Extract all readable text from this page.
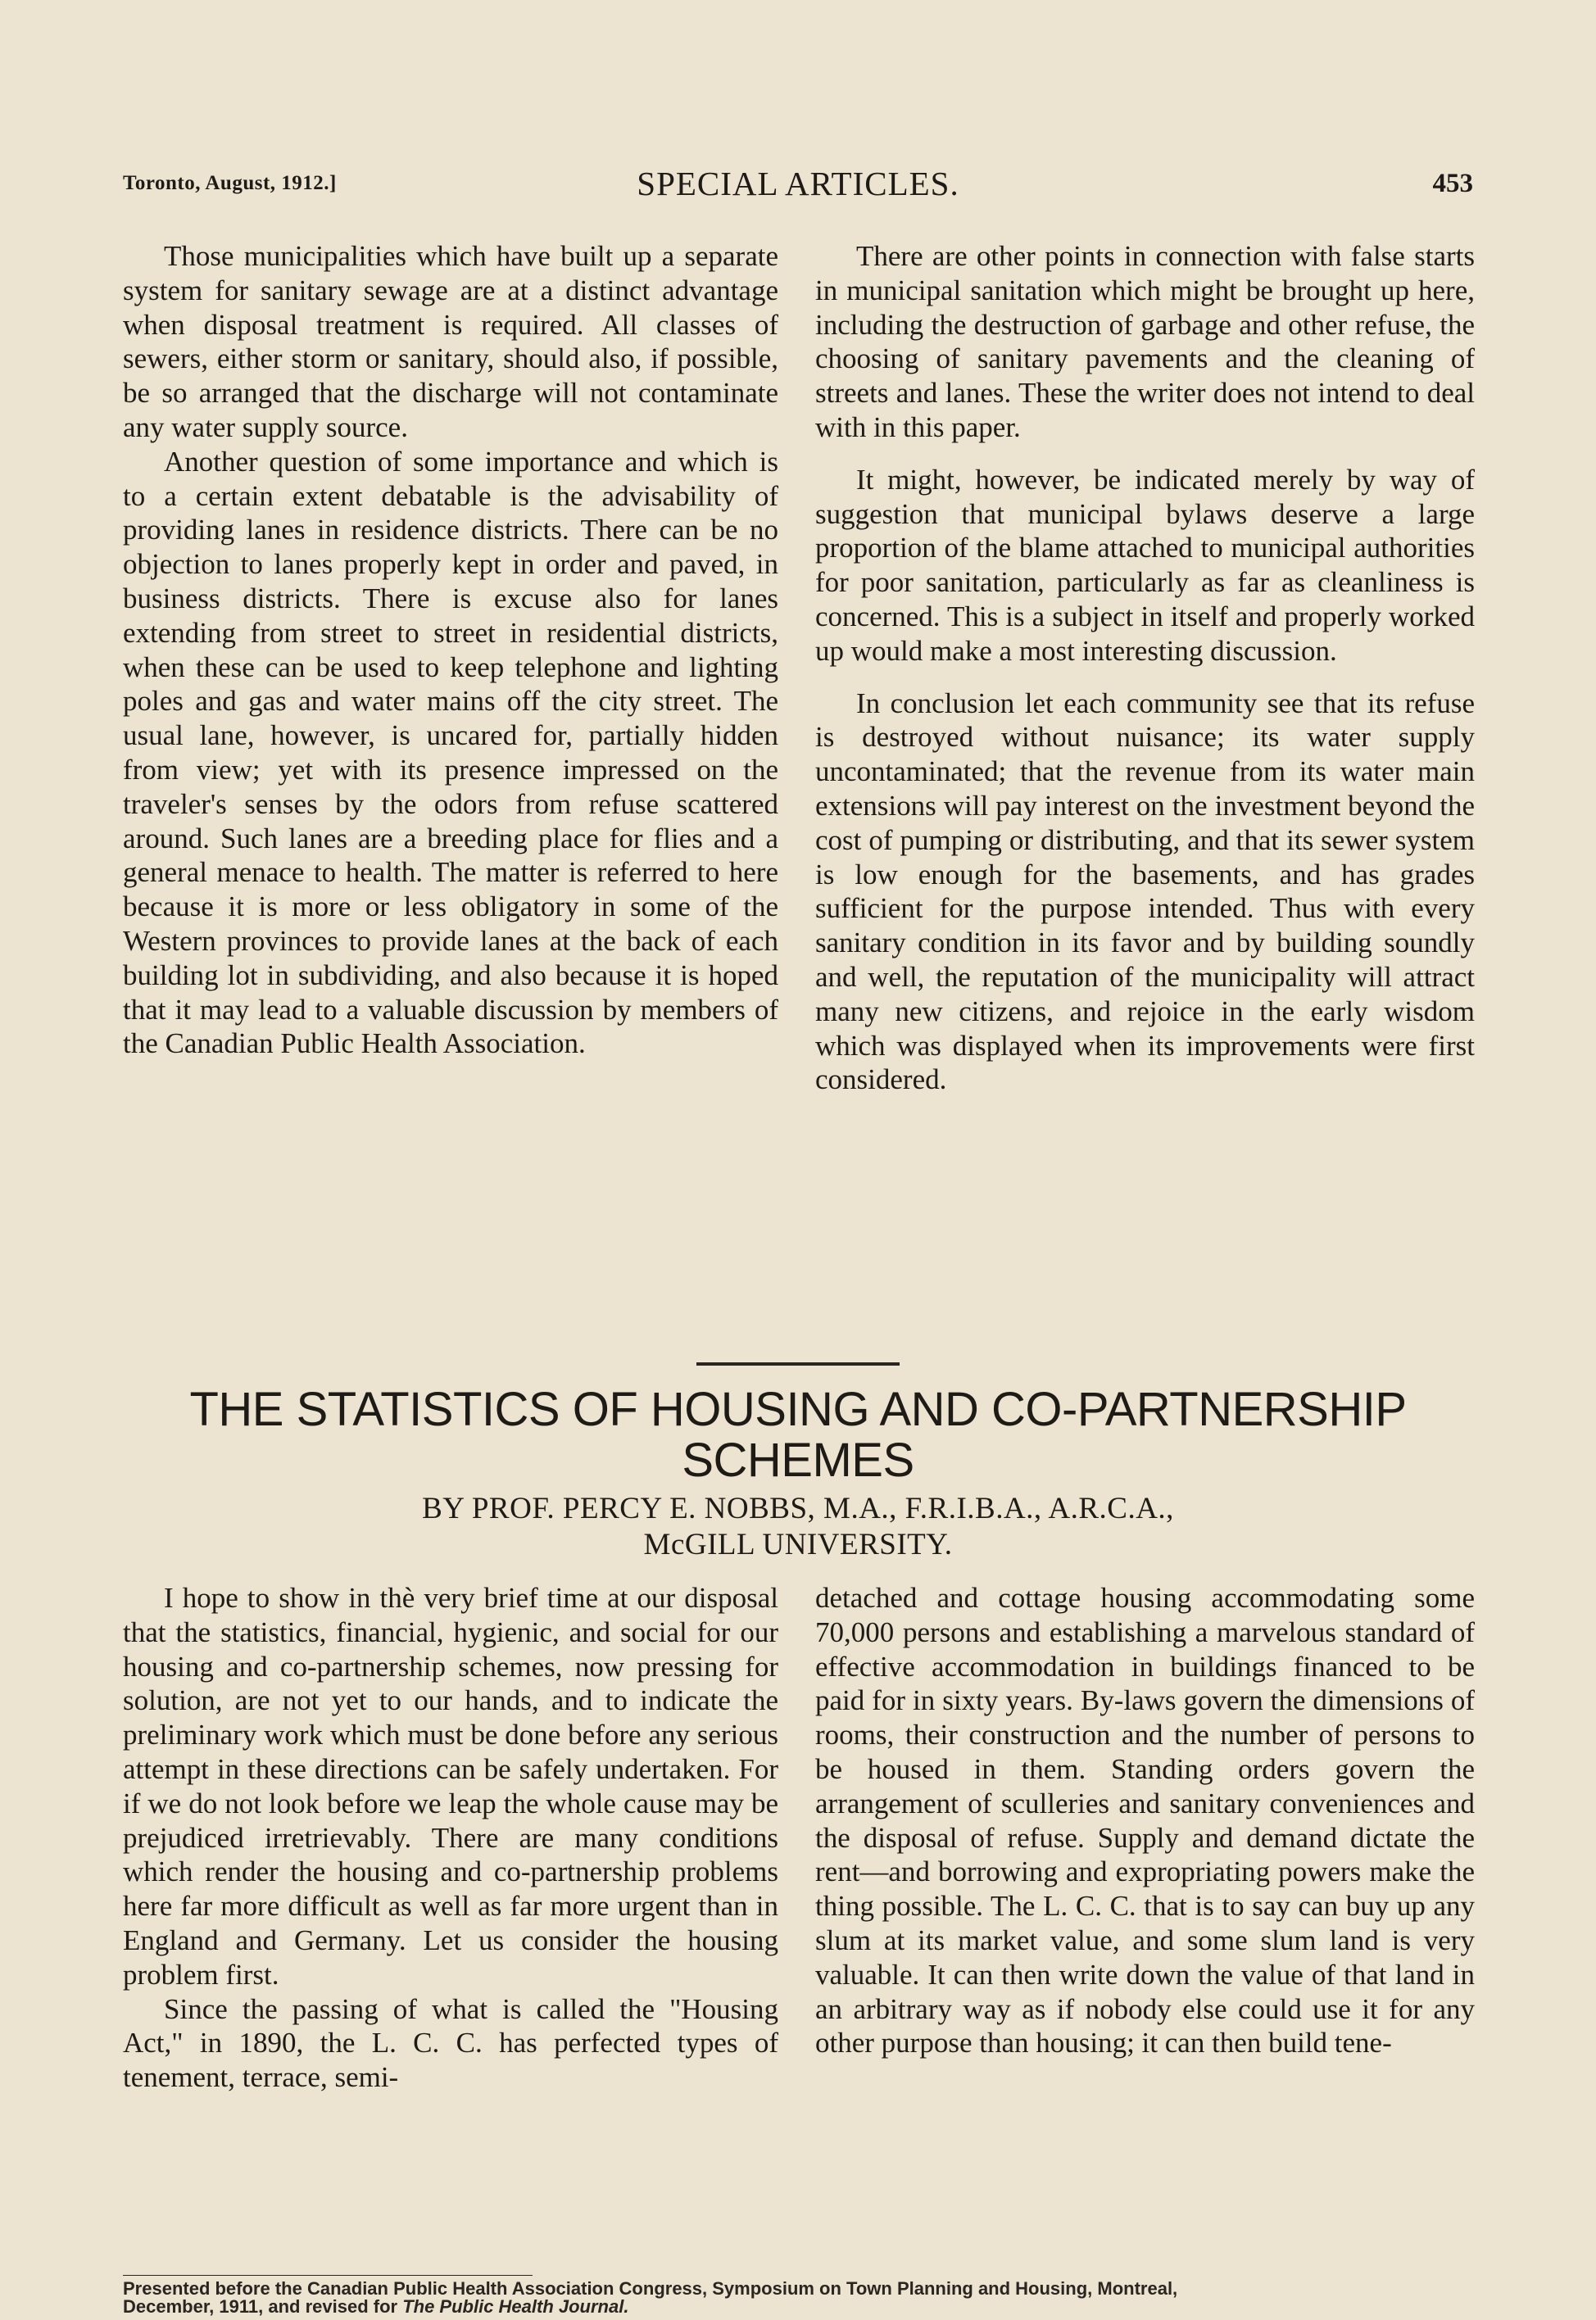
Toronto, August, 1912.]	SPECIAL ARTICLES.	453

Those municipalities which have built up a separate system for sanitary sewage are at a distinct advantage when disposal treatment is required. All classes of sewers, either storm or sanitary, should also, if possible, be so arranged that the discharge will not contaminate any water supply source.

Another question of some importance and which is to a certain extent debatable is the advisability of providing lanes in residence districts. There can be no objection to lanes properly kept in order and paved, in business districts. There is excuse also for lanes extending from street to street in residential districts, when these can be used to keep telephone and lighting poles and gas and water mains off the city street. The usual lane, however, is uncared for, partially hidden from view; yet with its presence impressed on the traveler's senses by the odors from refuse scattered around. Such lanes are a breeding place for flies and a general menace to health. The matter is referred to here because it is more or less obligatory in some of the Western provinces to provide lanes at the back of each building lot in subdividing, and also because it is hoped that it may lead to a valuable discussion by members of the Canadian Public Health Association.

There are other points in connection with false starts in municipal sanitation which might be brought up here, including the destruction of garbage and other refuse, the choosing of sanitary pavements and the cleaning of streets and lanes. These the writer does not intend to deal with in this paper.

It might, however, be indicated merely by way of suggestion that municipal bylaws deserve a large proportion of the blame attached to municipal authorities for poor sanitation, particularly as far as cleanliness is concerned. This is a subject in itself and properly worked up would make a most interesting discussion.

In conclusion let each community see that its refuse is destroyed without nuisance; its water supply uncontaminated; that the revenue from its water main extensions will pay interest on the investment beyond the cost of pumping or distributing, and that its sewer system is low enough for the basements, and has grades sufficient for the purpose intended. Thus with every sanitary condition in its favor and by building soundly and well, the reputation of the municipality will attract many new citizens, and rejoice in the early wisdom which was displayed when its improvements were first considered.

THE STATISTICS OF HOUSING AND CO-PARTNERSHIP
SCHEMES
BY PROF. PERCY E. NOBBS, M.A., F.R.I.B.A., A.R.C.A.,
McGILL UNIVERSITY.

I hope to show in thè very brief time at our disposal that the statistics, financial, hygienic, and social for our housing and co-partnership schemes, now pressing for solution, are not yet to our hands, and to indicate the preliminary work which must be done before any serious attempt in these directions can be safely undertaken. For if we do not look before we leap the whole cause may be prejudiced irretrievably. There are many conditions which render the housing and co-partnership problems here far more difficult as well as far more urgent than in England and Germany. Let us consider the housing problem first.

Since the passing of what is called the "Housing Act," in 1890, the L. C. C. has perfected types of tenement, terrace, semi-

detached and cottage housing accommodating some 70,000 persons and establishing a marvelous standard of effective accommodation in buildings financed to be paid for in sixty years. By-laws govern the dimensions of rooms, their construction and the number of persons to be housed in them. Standing orders govern the arrangement of sculleries and sanitary conveniences and the disposal of refuse. Supply and demand dictate the rent—and borrowing and expropriating powers make the thing possible. The L. C. C. that is to say can buy up any slum at its market value, and some slum land is very valuable. It can then write down the value of that land in an arbitrary way as if nobody else could use it for any other purpose than housing; it can then build tene-

Presented before the Canadian Public Health Association Congress, Symposium on Town Planning and Housing, Montreal,
December, 1911, and revised for The Public Health Journal.
